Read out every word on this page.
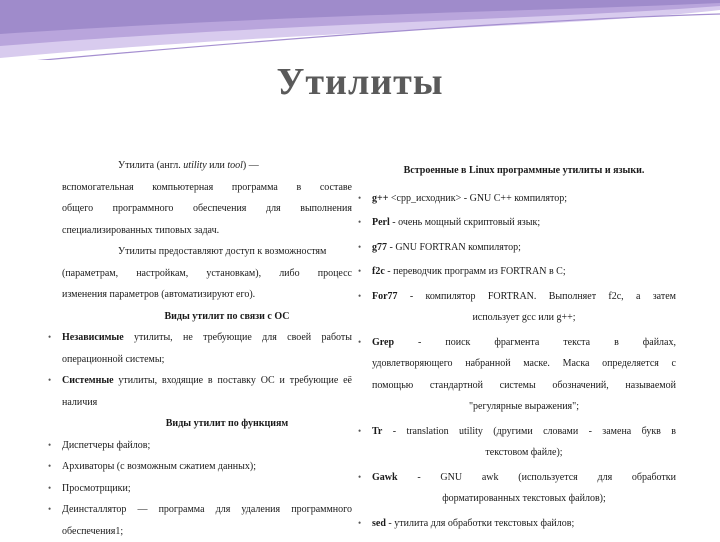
Утилиты
Утилита (англ. utility или tool) —
вспомогательная компьютерная программа в составе
общего программного обеспечения для выполнения
специализированных типовых задач.
Утилиты предоставляют доступ к возможностям
(параметрам, настройкам, установкам), либо процесс
изменения параметров (автоматизируют его).
Виды утилит по связи с ОС
• Независимые утилиты, не требующие для своей работы
операционной системы;
• Системные утилиты, входящие в поставку ОС и требующие её
наличия
Виды утилит по функциям
• Диспетчеры файлов;
• Архиваторы (с возможным сжатием данных);
• Просмотрщики;
• Деинсталлятор — программа для удаления программного
обеспечения1;
Встроенные в Linux программные утилиты и языки.
• g++ <cpp_исходник> - GNU C++ компилятор;
• Perl - очень мощный скриптовый язык;
• g77 - GNU FORTRAN компилятор;
• f2c - переводчик программ из FORTRAN в С;
• For77 - компилятор FORTRAN. Выполняет f2c, а затем
использует gcc или g++;
• Grep - поиск фрагмента текста в файлах,
удовлетворяющего набранной маске. Маска определяется с
помощью стандартной системы обозначений, называемой
"регулярные выражения";
• Tr - translation utility (другими словами - замена букв в
текстовом файле);
• Gawk - GNU awk (используется для обработки
форматированных текстовых файлов);
• sed - утилита для обработки текстовых файлов;
